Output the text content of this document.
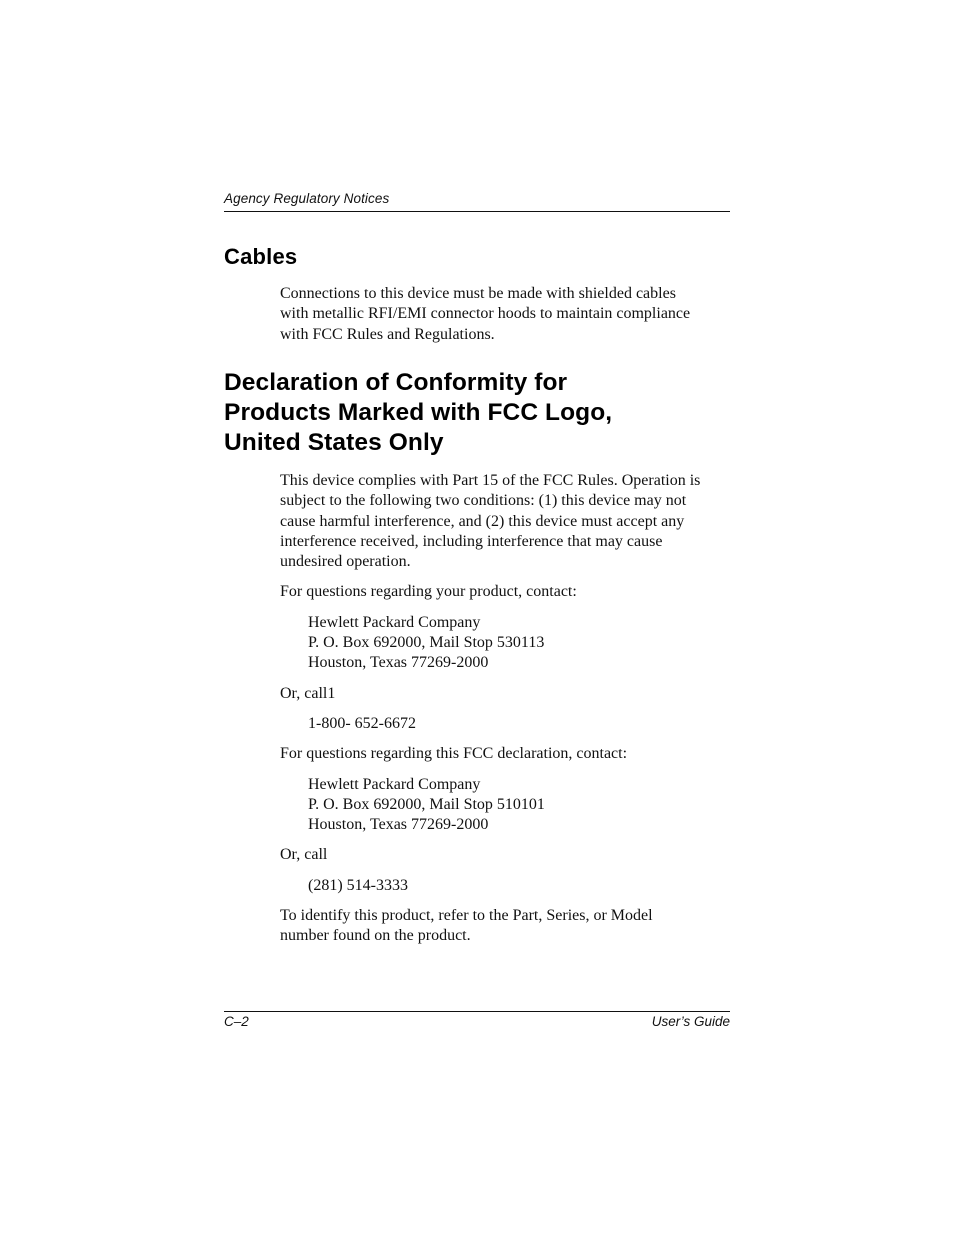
Agency Regulatory Notices
Cables

Connections to this device must be made with shielded cables
with metallic RFI/EMI connector hoods to maintain compliance
with FCC Rules and Regulations.

Declaration of Conformity for
Products Marked with FCC Logo,
United States Only

This device complies with Part 15 of the FCC Rules. Operation is
subject to the following two conditions: (1) this device may not
cause harmful interference, and (2) this device must accept any
interference received, including interference that may cause
undesired operation.

For questions regarding your product, contact:

Hewlett Packard Company
P. O. Box 692000, Mail Stop 530113
Houston, Texas 77269-2000

Or, call1

1-800- 652-6672

For questions regarding this FCC declaration, contact:

Hewlett Packard Company
P. O. Box 692000, Mail Stop 510101
Houston, Texas 77269-2000

Or, call

(281) 514-3333

To identify this product, refer to the Part, Series, or Model
number found on the product.

C–2	User’s Guide
